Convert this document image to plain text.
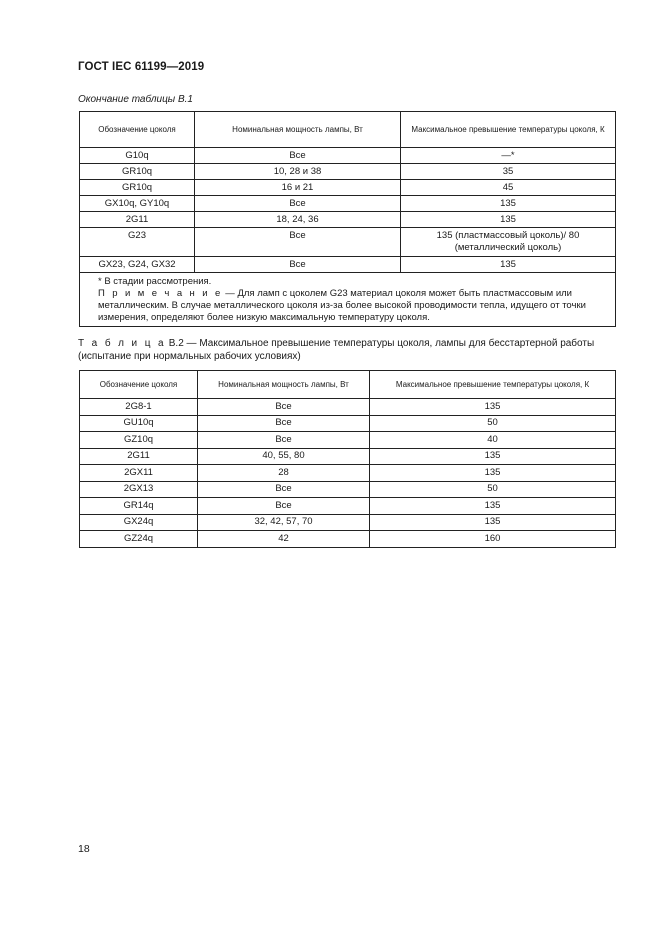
ГОСТ IEC 61199—2019
Окончание таблицы В.1
Обозначение цоколя	Номинальная мощность лампы, Вт	Максимальное превышение температуры цоколя, К
G10q	Все	—*
GR10q	10, 28 и 38	35
GR10q	16 и 21	45
GX10q, GY10q	Все	135
2G11	18, 24, 36	135
G23	Все	135 (пластмассовый цоколь)/ 80 (металлический цоколь)
GX23, G24, GX32	Все	135

* В стадии рассмотрения.

П р и м е ч а н и е — Для ламп с цоколем G23 материал цоколя может быть пластмассовым или металлическим. В случае металлического цоколя из-за более высокой проводимости тепла, идущего от точки измерения, определяют более низкую максимальную температуру цоколя.		

Т а б л и ц а В.2 — Максимальное превышение температуры цоколя, лампы для бесстартерной работы (испытание при нормальных рабочих условиях)
Обозначение цоколя	Номинальная мощность лампы, Вт	Максимальное превышение температуры цоколя, К
2G8-1	Все	135
GU10q	Все	50
GZ10q	Все	40
2G11	40, 55, 80	135
2GX11	28	135
2GX13	Все	50
GR14q	Все	135
GX24q	32, 42, 57, 70	135
GZ24q	42	160
18
